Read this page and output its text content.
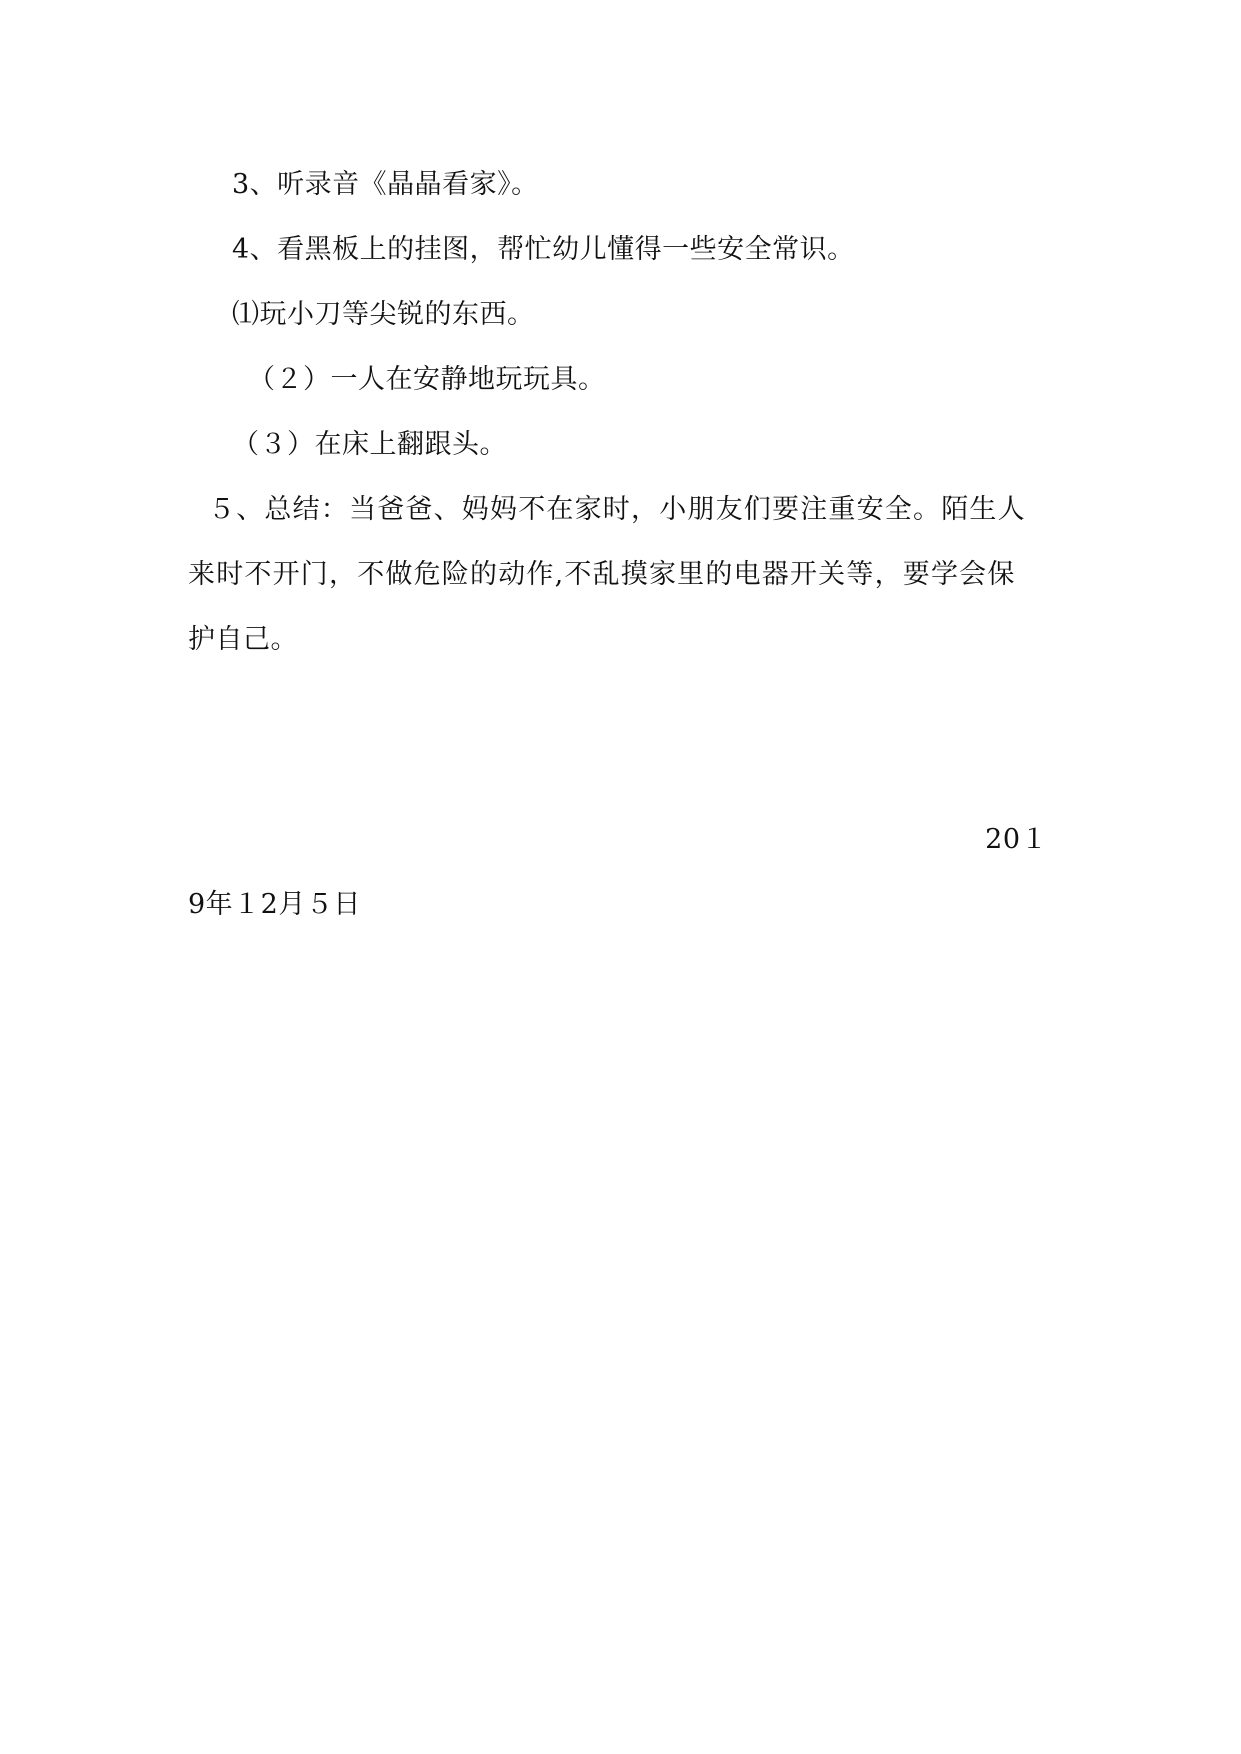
3、听录音《晶晶看家》。
4、看黑板上的挂图，帮忙幼儿懂得一些安全常识。
⑴玩小刀等尖锐的东西。
（２）一人在安静地玩玩具。
（３）在床上翻跟头。
５、总结：当爸爸、妈妈不在家时，小朋友们要注重安全。陌生人
来时不开门，不做危险的动作,不乱摸家里的电器开关等，要学会保
护自己。
20１
9年１2月５日
